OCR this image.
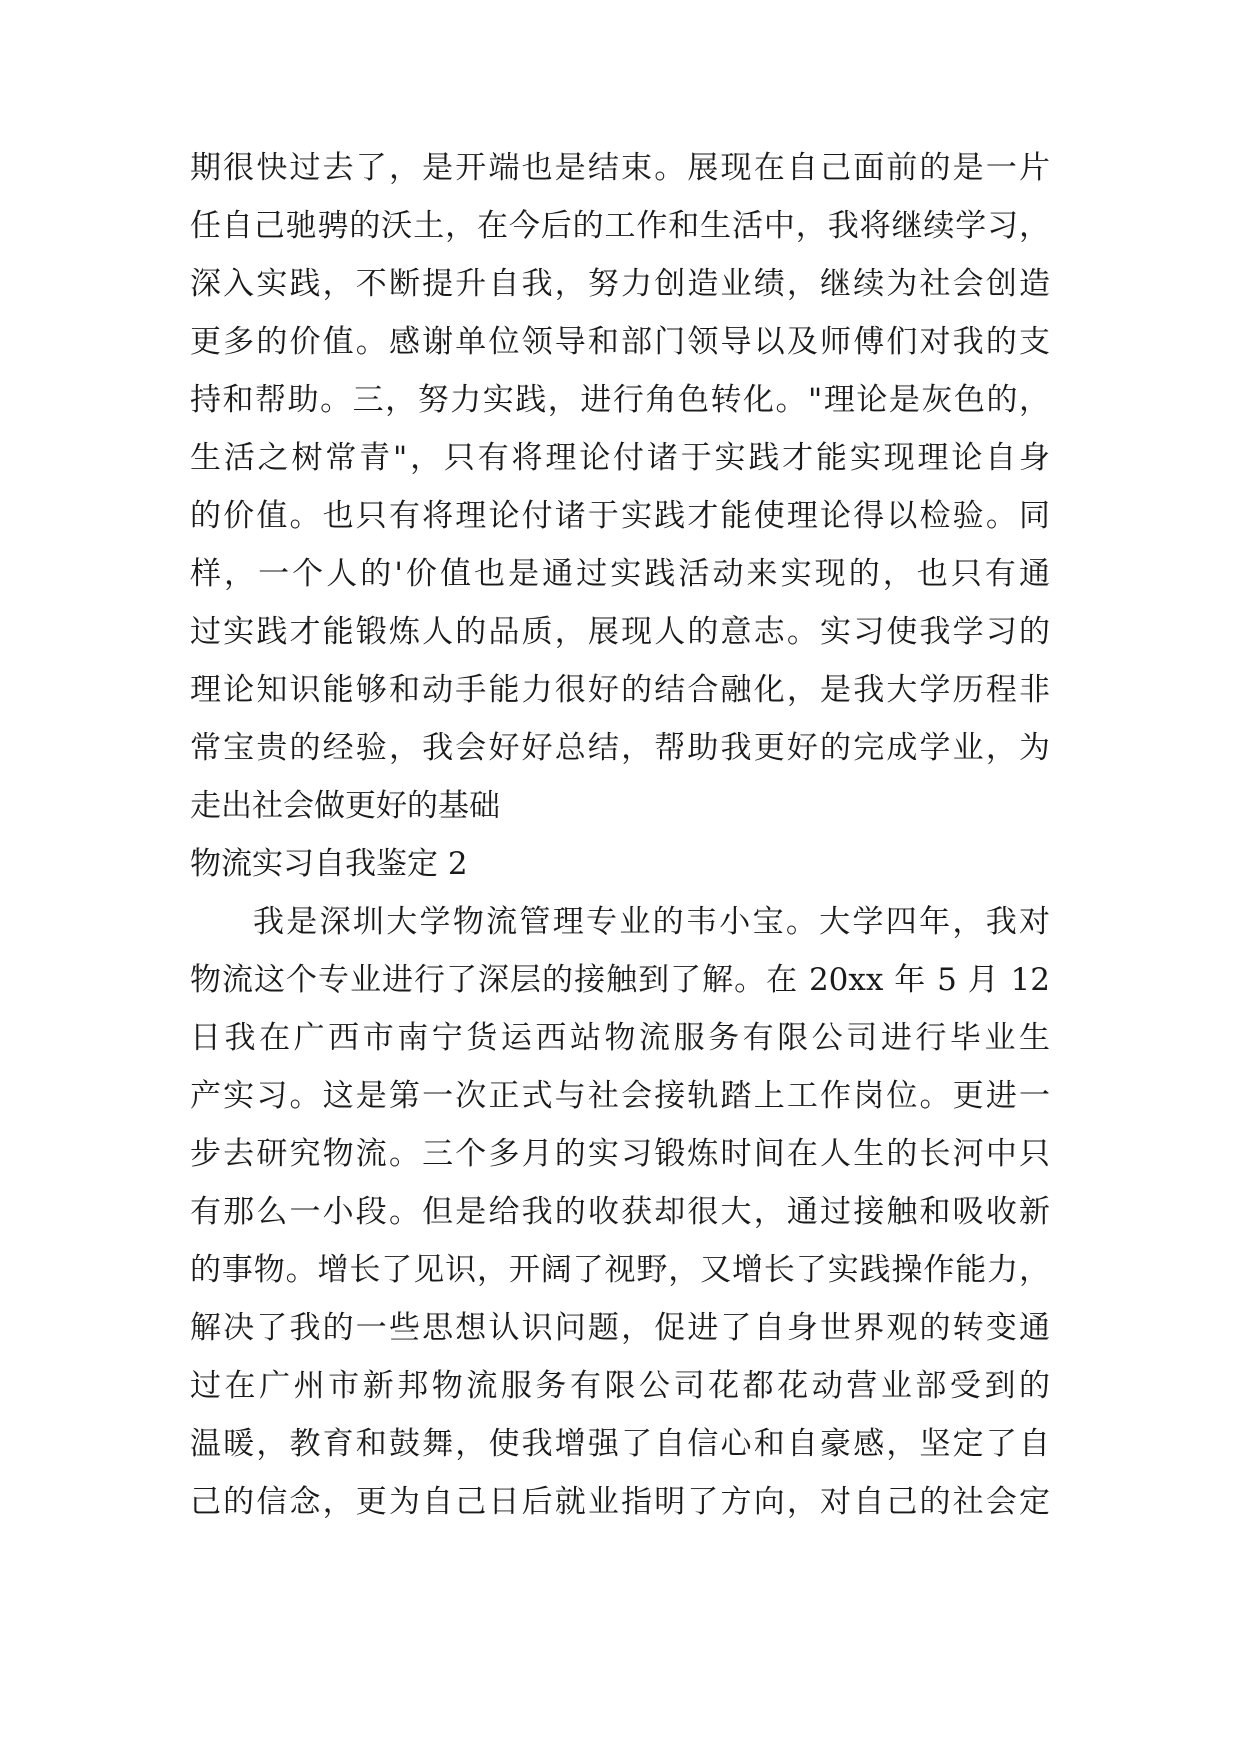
期很快过去了，是开端也是结束。展现在自己面前的是一片
任自己驰骋的沃土，在今后的工作和生活中，我将继续学习，
深入实践，不断提升自我，努力创造业绩，继续为社会创造
更多的价值。感谢单位领导和部门领导以及师傅们对我的支
持和帮助。三，努力实践，进行角色转化。"理论是灰色的，
生活之树常青"，只有将理论付诸于实践才能实现理论自身
的价值。也只有将理论付诸于实践才能使理论得以检验。同
样，一个人的'价值也是通过实践活动来实现的，也只有通
过实践才能锻炼人的品质，展现人的意志。实习使我学习的
理论知识能够和动手能力很好的结合融化，是我大学历程非
常宝贵的经验，我会好好总结，帮助我更好的完成学业，为
走出社会做更好的基础
物流实习自我鉴定 2
我是深圳大学物流管理专业的韦小宝。大学四年，我对
物流这个专业进行了深层的接触到了解。在 20xx 年 5 月 12
日我在广西市南宁货运西站物流服务有限公司进行毕业生
产实习。这是第一次正式与社会接轨踏上工作岗位。更进一
步去研究物流。三个多月的实习锻炼时间在人生的长河中只
有那么一小段。但是给我的收获却很大，通过接触和吸收新
的事物。增长了见识，开阔了视野，又增长了实践操作能力，
解决了我的一些思想认识问题，促进了自身世界观的转变通
过在广州市新邦物流服务有限公司花都花动营业部受到的
温暖，教育和鼓舞，使我增强了自信心和自豪感，坚定了自
己的信念，更为自己日后就业指明了方向，对自己的社会定
